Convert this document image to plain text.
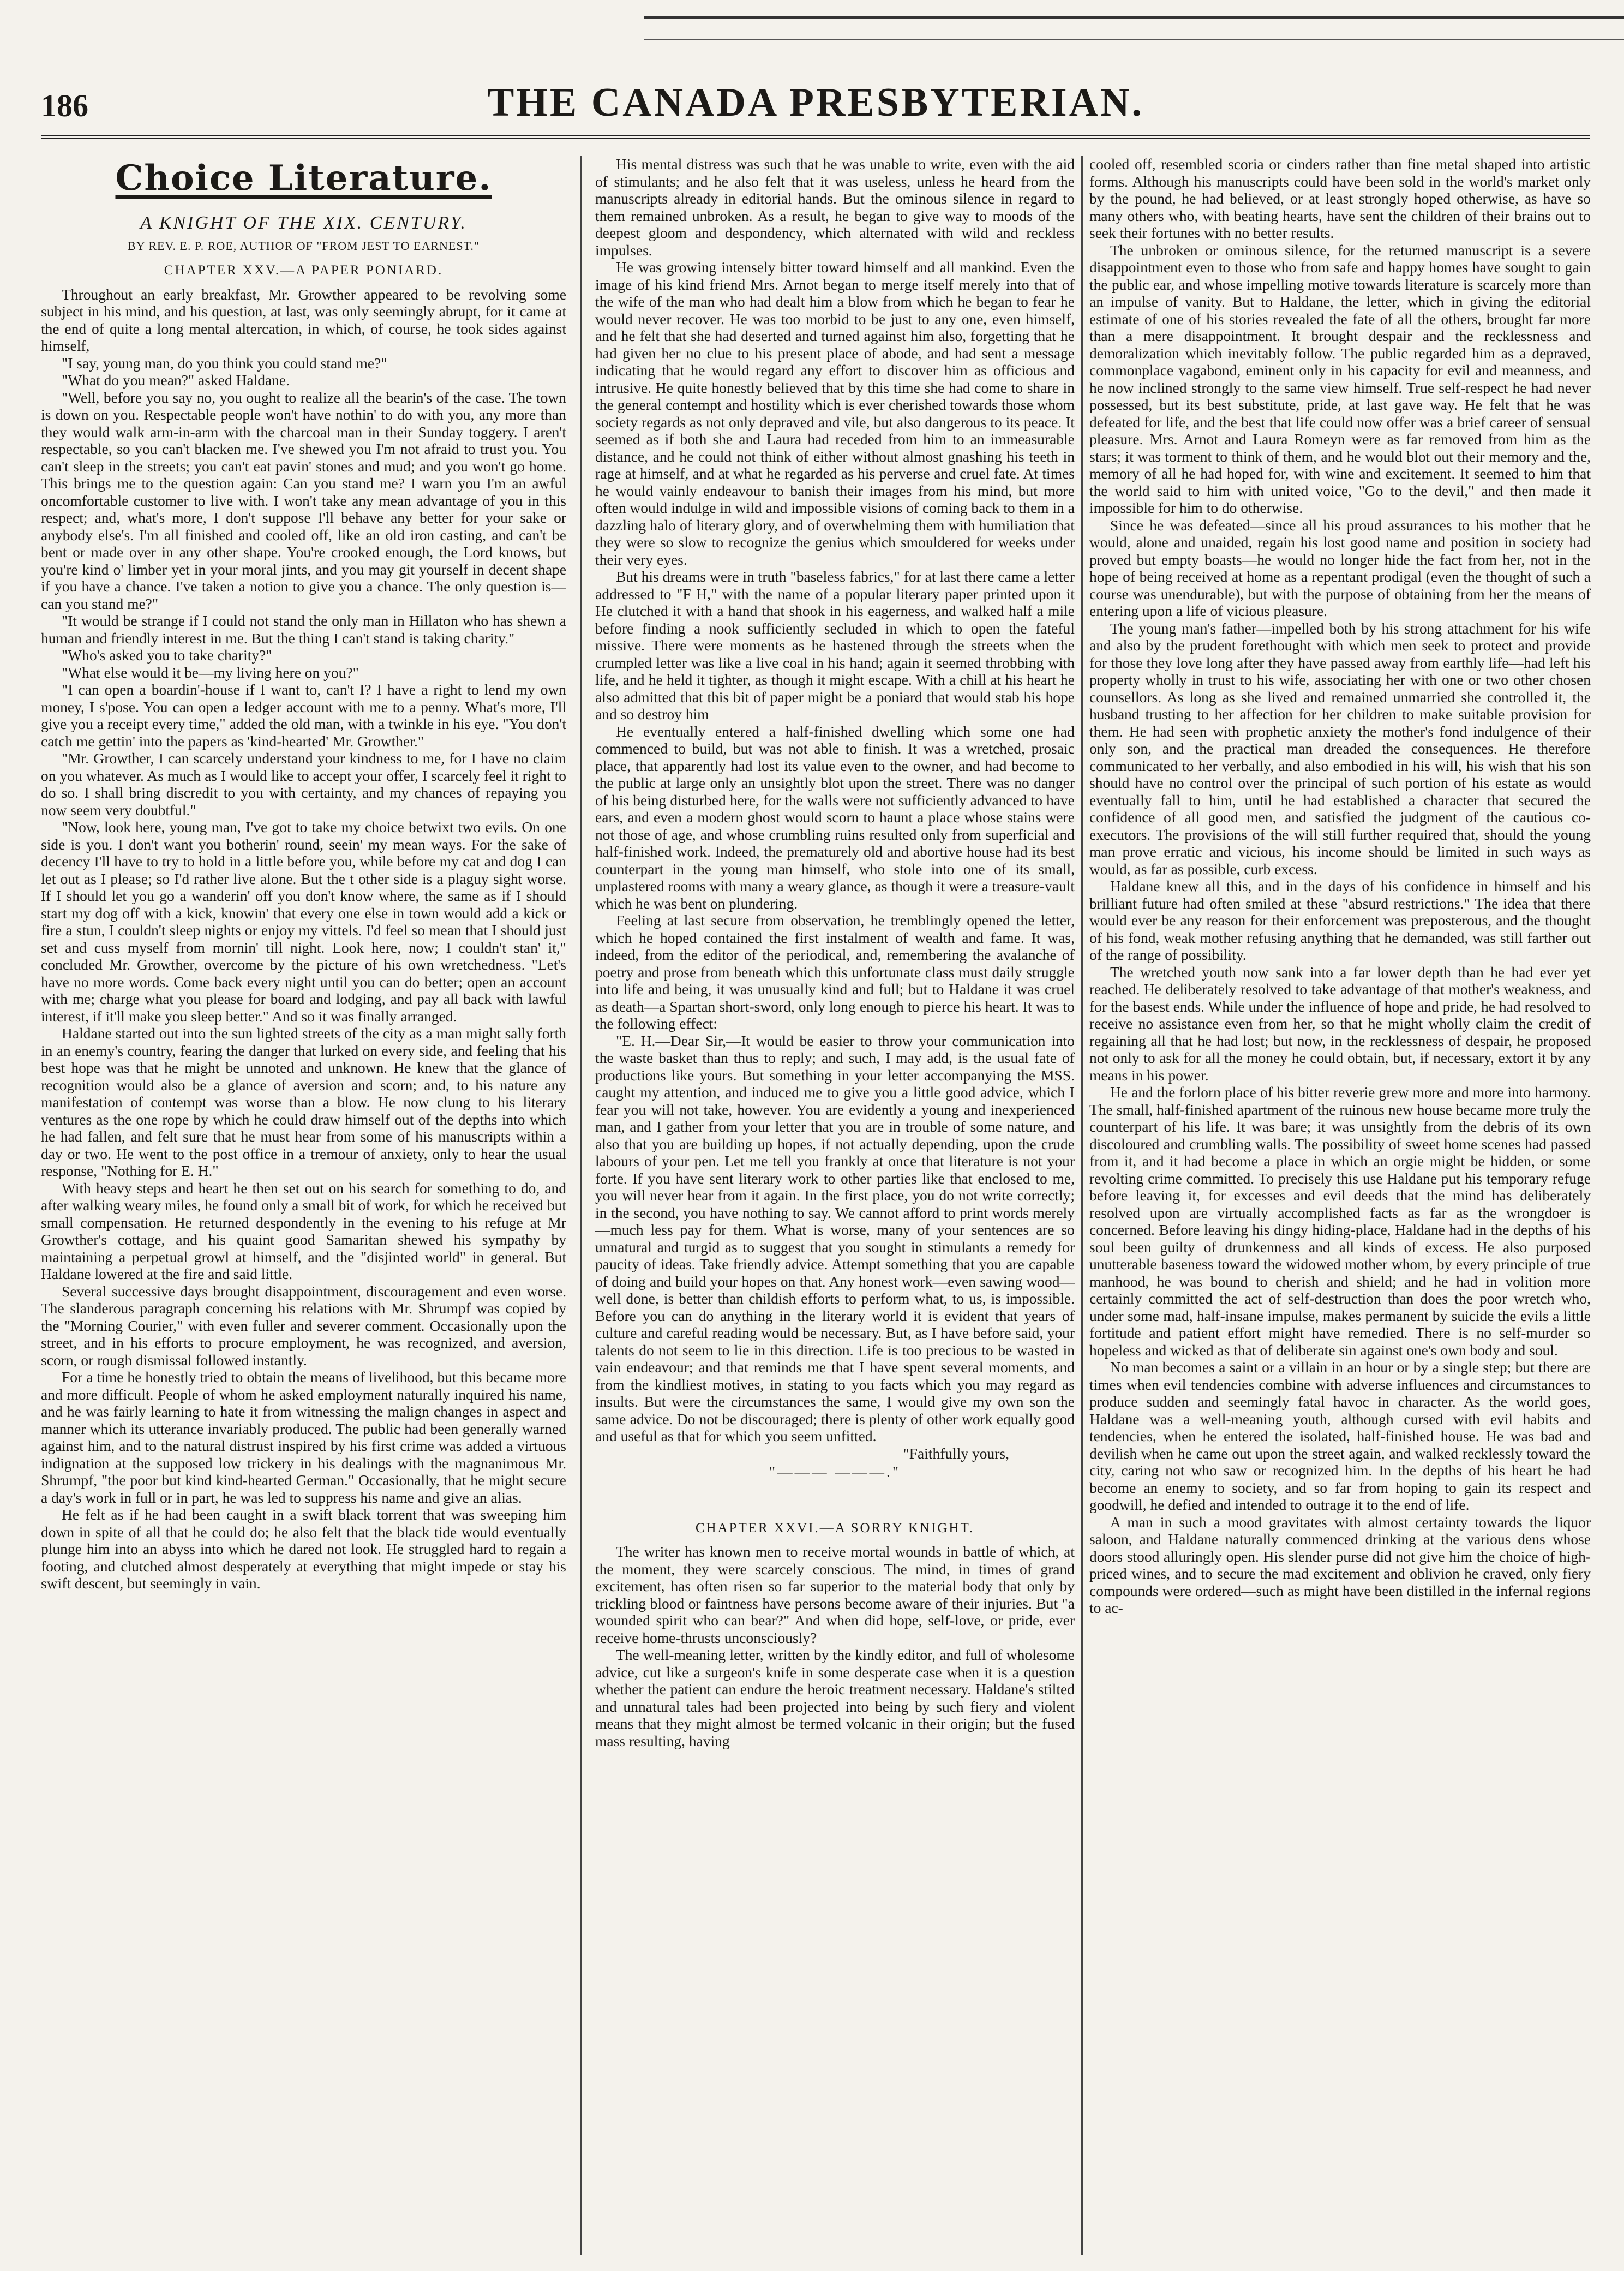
186	THE CANADA PRESBYTERIAN.
Choice Literature.
A KNIGHT OF THE XIX. CENTURY.
BY REV. E. P. ROE, AUTHOR OF "FROM JEST TO EARNEST."
CHAPTER XXV.—A PAPER PONIARD.

Throughout an early breakfast, Mr. Growther appeared to be revolving some subject in his mind, and his question, at last, was only seemingly abrupt, for it came at the end of quite a long mental altercation, in which, of course, he took sides against himself,

"I say, young man, do you think you could stand me?"

"What do you mean?" asked Haldane.

"Well, before you say no, you ought to realize all the bearin's of the case. The town is down on you. Respectable people won't have nothin' to do with you, any more than they would walk arm-in-arm with the charcoal man in their Sunday toggery. I aren't respectable, so you can't blacken me. I've shewed you I'm not afraid to trust you. You can't sleep in the streets; you can't eat pavin' stones and mud; and you won't go home. This brings me to the question again: Can you stand me? I warn you I'm an awful oncomfortable customer to live with. I won't take any mean advantage of you in this respect; and, what's more, I don't suppose I'll behave any better for your sake or anybody else's. I'm all finished and cooled off, like an old iron casting, and can't be bent or made over in any other shape. You're crooked enough, the Lord knows, but you're kind o' limber yet in your moral jints, and you may git yourself in decent shape if you have a chance. I've taken a notion to give you a chance. The only question is—can you stand me?"

"It would be strange if I could not stand the only man in Hillaton who has shewn a human and friendly interest in me. But the thing I can't stand is taking charity."

"Who's asked you to take charity?"

"What else would it be—my living here on you?"

"I can open a boardin'-house if I want to, can't I? I have a right to lend my own money, I s'pose. You can open a ledger account with me to a penny. What's more, I'll give you a receipt every time," added the old man, with a twinkle in his eye. "You don't catch me gettin' into the papers as 'kind-hearted' Mr. Growther."

"Mr. Growther, I can scarcely understand your kindness to me, for I have no claim on you whatever. As much as I would like to accept your offer, I scarcely feel it right to do so. I shall bring discredit to you with certainty, and my chances of repaying you now seem very doubtful."

"Now, look here, young man, I've got to take my choice betwixt two evils. On one side is you. I don't want you botherin' round, seein' my mean ways. For the sake of decency I'll have to try to hold in a little before you, while before my cat and dog I can let out as I please; so I'd rather live alone. But the t other side is a plaguy sight worse. If I should let you go a wanderin' off you don't know where, the same as if I should start my dog off with a kick, knowin' that every one else in town would add a kick or fire a stun, I couldn't sleep nights or enjoy my vittels. I'd feel so mean that I should just set and cuss myself from mornin' till night. Look here, now; I couldn't stan' it," concluded Mr. Growther, overcome by the picture of his own wretchedness. "Let's have no more words. Come back every night until you can do better; open an account with me; charge what you please for board and lodging, and pay all back with lawful interest, if it'll make you sleep better." And so it was finally arranged.

Haldane started out into the sun lighted streets of the city as a man might sally forth in an enemy's country, fearing the danger that lurked on every side, and feeling that his best hope was that he might be unnoted and unknown. He knew that the glance of recognition would also be a glance of aversion and scorn; and, to his nature any manifestation of contempt was worse than a blow. He now clung to his literary ventures as the one rope by which he could draw himself out of the depths into which he had fallen, and felt sure that he must hear from some of his manuscripts within a day or two. He went to the post office in a tremour of anxiety, only to hear the usual response, "Nothing for E. H."

With heavy steps and heart he then set out on his search for something to do, and after walking weary miles, he found only a small bit of work, for which he received but small compensation. He returned despondently in the evening to his refuge at Mr Growther's cottage, and his quaint good Samaritan shewed his sympathy by maintaining a perpetual growl at himself, and the "disjinted world" in general. But Haldane lowered at the fire and said little.

Several successive days brought disappointment, discouragement and even worse. The slanderous paragraph concerning his relations with Mr. Shrumpf was copied by the "Morning Courier," with even fuller and severer comment. Occasionally upon the street, and in his efforts to procure employment, he was recognized, and aversion, scorn, or rough dismissal followed instantly.

For a time he honestly tried to obtain the means of livelihood, but this became more and more difficult. People of whom he asked employment naturally inquired his name, and he was fairly learning to hate it from witnessing the malign changes in aspect and manner which its utterance invariably produced. The public had been generally warned against him, and to the natural distrust inspired by his first crime was added a virtuous indignation at the supposed low trickery in his dealings with the magnanimous Mr. Shrumpf, "the poor but kind kind-hearted German." Occasionally, that he might secure a day's work in full or in part, he was led to suppress his name and give an alias.

He felt as if he had been caught in a swift black torrent that was sweeping him down in spite of all that he could do; he also felt that the black tide would eventually plunge him into an abyss into which he dared not look. He struggled hard to regain a footing, and clutched almost desperately at everything that might impede or stay his swift descent, but seemingly in vain.

His mental distress was such that he was unable to write, even with the aid of stimulants; and he also felt that it was useless, unless he heard from the manuscripts already in editorial hands. But the ominous silence in regard to them remained unbroken. As a result, he began to give way to moods of the deepest gloom and despondency, which alternated with wild and reckless impulses.

He was growing intensely bitter toward himself and all mankind. Even the image of his kind friend Mrs. Arnot began to merge itself merely into that of the wife of the man who had dealt him a blow from which he began to fear he would never recover. He was too morbid to be just to any one, even himself, and he felt that she had deserted and turned against him also, forgetting that he had given her no clue to his present place of abode, and had sent a message indicating that he would regard any effort to discover him as officious and intrusive. He quite honestly believed that by this time she had come to share in the general contempt and hostility which is ever cherished towards those whom society regards as not only depraved and vile, but also dangerous to its peace. It seemed as if both she and Laura had receded from him to an immeasurable distance, and he could not think of either without almost gnashing his teeth in rage at himself, and at what he regarded as his perverse and cruel fate. At times he would vainly endeavour to banish their images from his mind, but more often would indulge in wild and impossible visions of coming back to them in a dazzling halo of literary glory, and of overwhelming them with humiliation that they were so slow to recognize the genius which smouldered for weeks under their very eyes.

But his dreams were in truth "baseless fabrics," for at last there came a letter addressed to "F H," with the name of a popular literary paper printed upon it He clutched it with a hand that shook in his eagerness, and walked half a mile before finding a nook sufficiently secluded in which to open the fateful missive. There were moments as he hastened through the streets when the crumpled letter was like a live coal in his hand; again it seemed throbbing with life, and he held it tighter, as though it might escape. With a chill at his heart he also admitted that this bit of paper might be a poniard that would stab his hope and so destroy him

He eventually entered a half-finished dwelling which some one had commenced to build, but was not able to finish. It was a wretched, prosaic place, that apparently had lost its value even to the owner, and had become to the public at large only an unsightly blot upon the street. There was no danger of his being disturbed here, for the walls were not sufficiently advanced to have ears, and even a modern ghost would scorn to haunt a place whose stains were not those of age, and whose crumbling ruins resulted only from superficial and half-finished work. Indeed, the prematurely old and abortive house had its best counterpart in the young man himself, who stole into one of its small, unplastered rooms with many a weary glance, as though it were a treasure-vault which he was bent on plundering.

Feeling at last secure from observation, he tremblingly opened the letter, which he hoped contained the first instalment of wealth and fame. It was, indeed, from the editor of the periodical, and, remembering the avalanche of poetry and prose from beneath which this unfortunate class must daily struggle into life and being, it was unusually kind and full; but to Haldane it was cruel as death—a Spartan short-sword, only long enough to pierce his heart. It was to the following effect:

"E. H.—Dear Sir,—It would be easier to throw your communication into the waste basket than thus to reply; and such, I may add, is the usual fate of productions like yours. But something in your letter accompanying the MSS. caught my attention, and induced me to give you a little good advice, which I fear you will not take, however. You are evidently a young and inexperienced man, and I gather from your letter that you are in trouble of some nature, and also that you are building up hopes, if not actually depending, upon the crude labours of your pen. Let me tell you frankly at once that literature is not your forte. If you have sent literary work to other parties like that enclosed to me, you will never hear from it again. In the first place, you do not write correctly; in the second, you have nothing to say. We cannot afford to print words merely—much less pay for them. What is worse, many of your sentences are so unnatural and turgid as to suggest that you sought in stimulants a remedy for paucity of ideas. Take friendly advice. Attempt something that you are capable of doing and build your hopes on that. Any honest work—even sawing wood—well done, is better than childish efforts to perform what, to us, is impossible. Before you can do anything in the literary world it is evident that years of culture and careful reading would be necessary. But, as I have before said, your talents do not seem to lie in this direction. Life is too precious to be wasted in vain endeavour; and that reminds me that I have spent several moments, and from the kindliest motives, in stating to you facts which you may regard as insults. But were the circumstances the same, I would give my own son the same advice. Do not be discouraged; there is plenty of other work equally good and useful as that for which you seem unfitted.

"Faithfully yours,

"——— ———."
CHAPTER XXVI.—A SORRY KNIGHT.

The writer has known men to receive mortal wounds in battle of which, at the moment, they were scarcely conscious. The mind, in times of grand excitement, has often risen so far superior to the material body that only by trickling blood or faintness have persons become aware of their injuries. But "a wounded spirit who can bear?" And when did hope, self-love, or pride, ever receive home-thrusts unconsciously?

The well-meaning letter, written by the kindly editor, and full of wholesome advice, cut like a surgeon's knife in some desperate case when it is a question whether the patient can endure the heroic treatment necessary. Haldane's stilted and unnatural tales had been projected into being by such fiery and violent means that they might almost be termed volcanic in their origin; but the fused mass resulting, having

cooled off, resembled scoria or cinders rather than fine metal shaped into artistic forms. Although his manuscripts could have been sold in the world's market only by the pound, he had believed, or at least strongly hoped otherwise, as have so many others who, with beating hearts, have sent the children of their brains out to seek their fortunes with no better results.

The unbroken or ominous silence, for the returned manuscript is a severe disappointment even to those who from safe and happy homes have sought to gain the public ear, and whose impelling motive towards literature is scarcely more than an impulse of vanity. But to Haldane, the letter, which in giving the editorial estimate of one of his stories revealed the fate of all the others, brought far more than a mere disappointment. It brought despair and the recklessness and demoralization which inevitably follow. The public regarded him as a depraved, commonplace vagabond, eminent only in his capacity for evil and meanness, and he now inclined strongly to the same view himself. True self-respect he had never possessed, but its best substitute, pride, at last gave way. He felt that he was defeated for life, and the best that life could now offer was a brief career of sensual pleasure. Mrs. Arnot and Laura Romeyn were as far removed from him as the stars; it was torment to think of them, and he would blot out their memory and the, memory of all he had hoped for, with wine and excitement. It seemed to him that the world said to him with united voice, "Go to the devil," and then made it impossible for him to do otherwise.

Since he was defeated—since all his proud assurances to his mother that he would, alone and unaided, regain his lost good name and position in society had proved but empty boasts—he would no longer hide the fact from her, not in the hope of being received at home as a repentant prodigal (even the thought of such a course was unendurable), but with the purpose of obtaining from her the means of entering upon a life of vicious pleasure.

The young man's father—impelled both by his strong attachment for his wife and also by the prudent forethought with which men seek to protect and provide for those they love long after they have passed away from earthly life—had left his property wholly in trust to his wife, associating her with one or two other chosen counsellors. As long as she lived and remained unmarried she controlled it, the husband trusting to her affection for her children to make suitable provision for them. He had seen with prophetic anxiety the mother's fond indulgence of their only son, and the practical man dreaded the consequences. He therefore communicated to her verbally, and also embodied in his will, his wish that his son should have no control over the principal of such portion of his estate as would eventually fall to him, until he had established a character that secured the confidence of all good men, and satisfied the judgment of the cautious co-executors. The provisions of the will still further required that, should the young man prove erratic and vicious, his income should be limited in such ways as would, as far as possible, curb excess.

Haldane knew all this, and in the days of his confidence in himself and his brilliant future had often smiled at these "absurd restrictions." The idea that there would ever be any reason for their enforcement was preposterous, and the thought of his fond, weak mother refusing anything that he demanded, was still farther out of the range of possibility.

The wretched youth now sank into a far lower depth than he had ever yet reached. He deliberately resolved to take advantage of that mother's weakness, and for the basest ends. While under the influence of hope and pride, he had resolved to receive no assistance even from her, so that he might wholly claim the credit of regaining all that he had lost; but now, in the recklessness of despair, he proposed not only to ask for all the money he could obtain, but, if necessary, extort it by any means in his power.

He and the forlorn place of his bitter reverie grew more and more into harmony. The small, half-finished apartment of the ruinous new house became more truly the counterpart of his life. It was bare; it was unsightly from the debris of its own discoloured and crumbling walls. The possibility of sweet home scenes had passed from it, and it had become a place in which an orgie might be hidden, or some revolting crime committed. To precisely this use Haldane put his temporary refuge before leaving it, for excesses and evil deeds that the mind has deliberately resolved upon are virtually accomplished facts as far as the wrongdoer is concerned. Before leaving his dingy hiding-place, Haldane had in the depths of his soul been guilty of drunkenness and all kinds of excess. He also purposed unutterable baseness toward the widowed mother whom, by every principle of true manhood, he was bound to cherish and shield; and he had in volition more certainly committed the act of self-destruction than does the poor wretch who, under some mad, half-insane impulse, makes permanent by suicide the evils a little fortitude and patient effort might have remedied. There is no self-murder so hopeless and wicked as that of deliberate sin against one's own body and soul.

No man becomes a saint or a villain in an hour or by a single step; but there are times when evil tendencies combine with adverse influences and circumstances to produce sudden and seemingly fatal havoc in character. As the world goes, Haldane was a well-meaning youth, although cursed with evil habits and tendencies, when he entered the isolated, half-finished house. He was bad and devilish when he came out upon the street again, and walked recklessly toward the city, caring not who saw or recognized him. In the depths of his heart he had become an enemy to society, and so far from hoping to gain its respect and goodwill, he defied and intended to outrage it to the end of life.

A man in such a mood gravitates with almost certainty towards the liquor saloon, and Haldane naturally commenced drinking at the various dens whose doors stood alluringly open. His slender purse did not give him the choice of high-priced wines, and to secure the mad excitement and oblivion he craved, only fiery compounds were ordered—such as might have been distilled in the infernal regions to ac-
